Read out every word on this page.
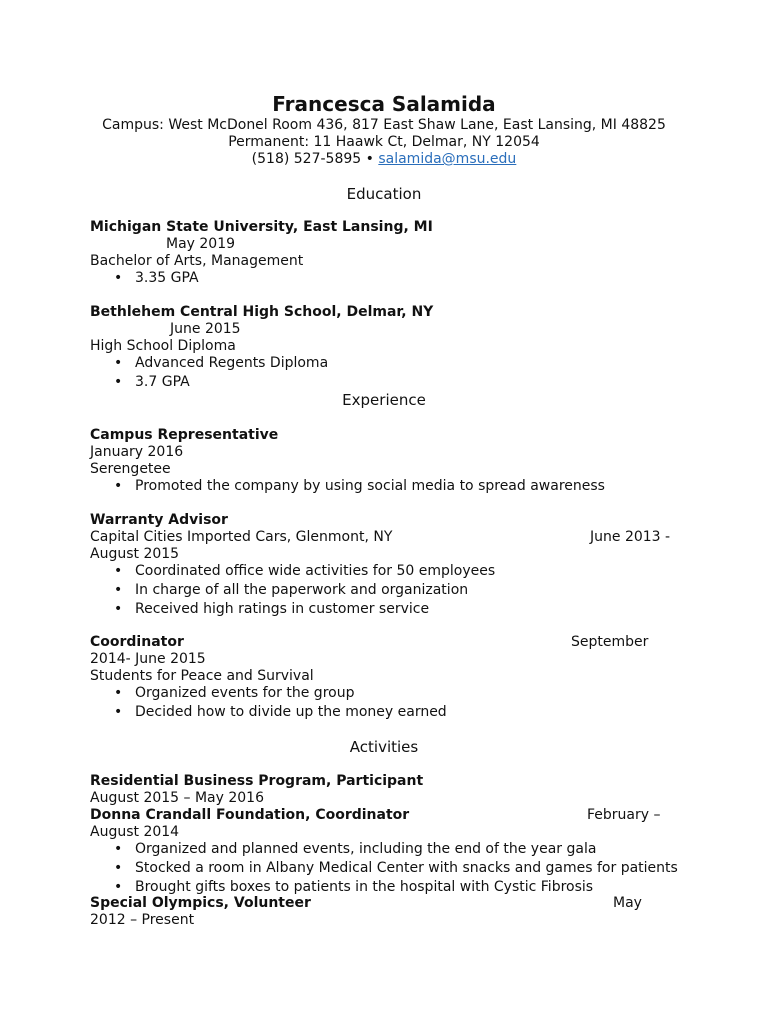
Francesca Salamida
Campus: West McDonel Room 436, 817 East Shaw Lane, East Lansing, MI 48825
Permanent: 11 Haawk Ct, Delmar, NY 12054
(518) 527-5895 • salamida@msu.edu
Education
Michigan State University, East Lansing, MI
May 2019
Bachelor of Arts, Management
• 3.35 GPA
Bethlehem Central High School, Delmar, NY
June 2015
High School Diploma
• Advanced Regents Diploma
• 3.7 GPA
Experience
Campus Representative
January 2016
Serengetee
• Promoted the company by using social media to spread awareness
Warranty Advisor
Capital Cities Imported Cars, Glenmont, NY	June 2013 -
August 2015
• Coordinated office wide activities for 50 employees
• In charge of all the paperwork and organization
• Received high ratings in customer service
Coordinator	September
2014- June 2015
Students for Peace and Survival
• Organized events for the group
• Decided how to divide up the money earned
Activities
Residential Business Program, Participant
August 2015 – May 2016
Donna Crandall Foundation, Coordinator	February –
August 2014
• Organized and planned events, including the end of the year gala
• Stocked a room in Albany Medical Center with snacks and games for patients
• Brought gifts boxes to patients in the hospital with Cystic Fibrosis
Special Olympics, Volunteer	May
2012 – Present
